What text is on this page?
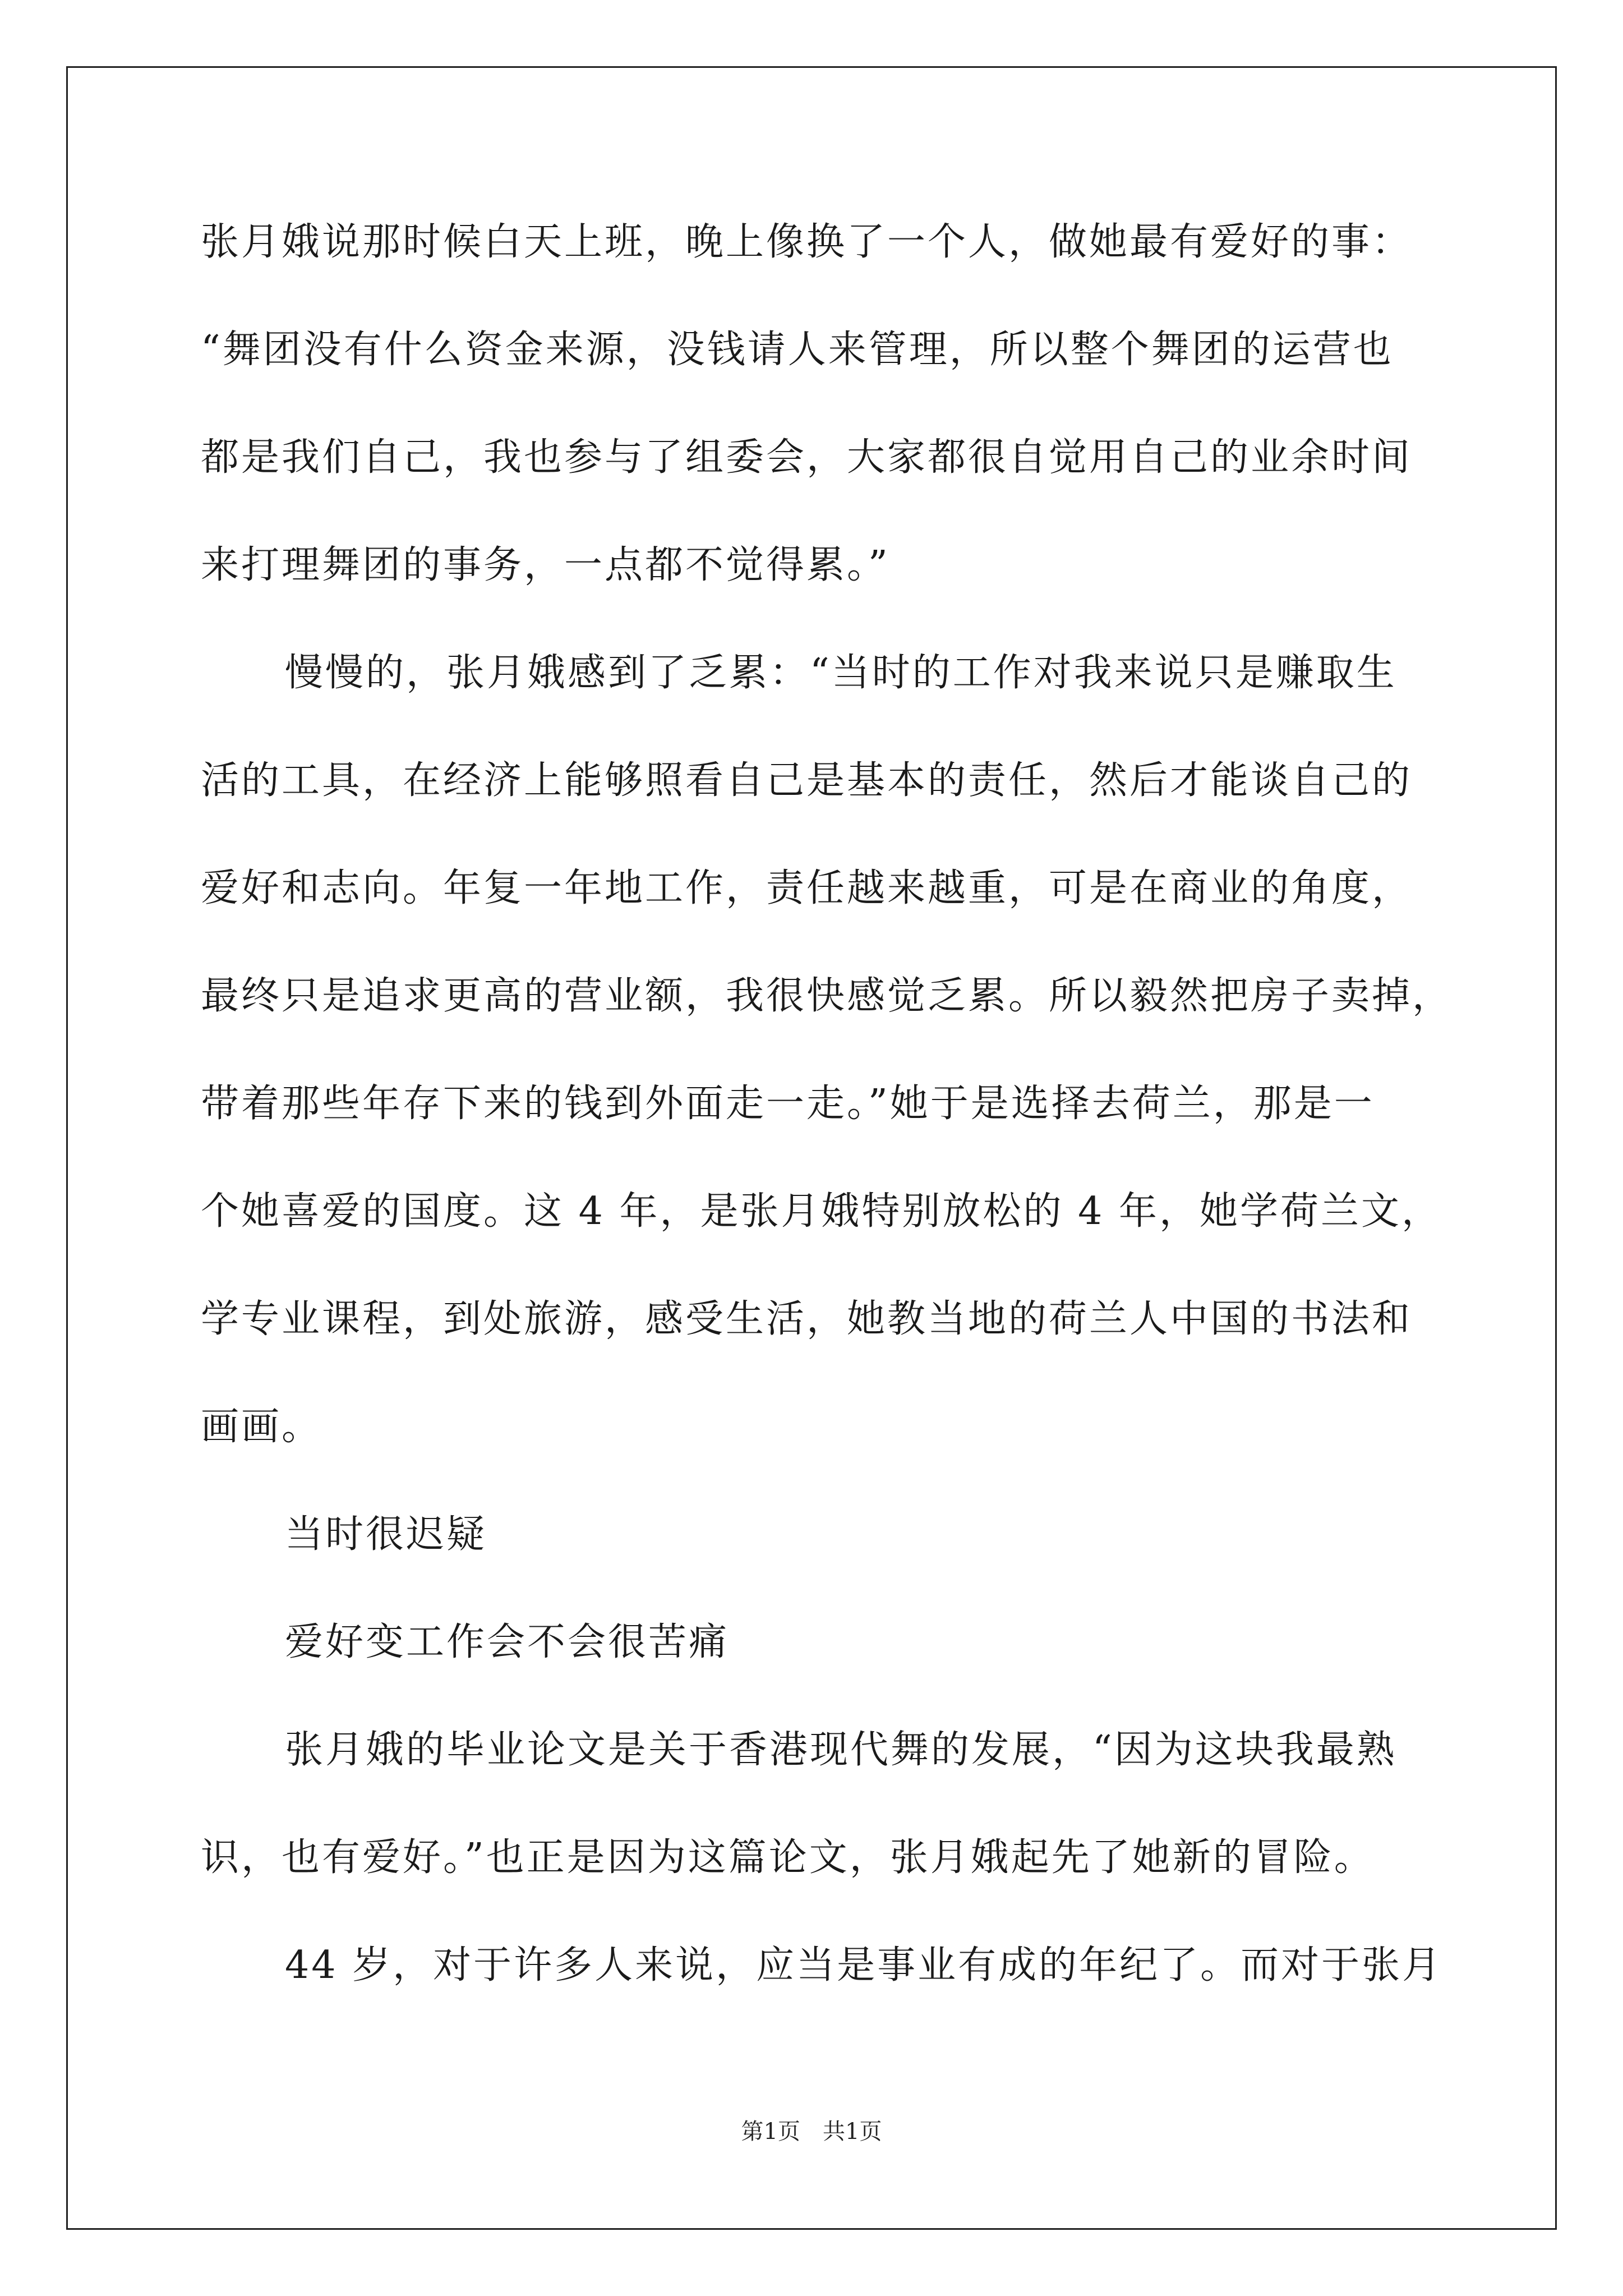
张月娥说那时候白天上班，晚上像换了一个人，做她最有爱好的事：

“舞团没有什么资金来源，没钱请人来管理，所以整个舞团的运营也

都是我们自己，我也参与了组委会，大家都很自觉用自己的业余时间

来打理舞团的事务，一点都不觉得累。”

慢慢的，张月娥感到了乏累：“当时的工作对我来说只是赚取生

活的工具，在经济上能够照看自己是基本的责任，然后才能谈自己的

爱好和志向。年复一年地工作，责任越来越重，可是在商业的角度，

最终只是追求更高的营业额，我很快感觉乏累。所以毅然把房子卖掉，

带着那些年存下来的钱到外面走一走。”她于是选择去荷兰，那是一

个她喜爱的国度。这 4 年，是张月娥特别放松的 4 年，她学荷兰文，

学专业课程，到处旅游，感受生活，她教当地的荷兰人中国的书法和

画画。

当时很迟疑

爱好变工作会不会很苦痛

张月娥的毕业论文是关于香港现代舞的发展，“因为这块我最熟

识，也有爱好。”也正是因为这篇论文，张月娥起先了她新的冒险。

44 岁，对于许多人来说，应当是事业有成的年纪了。而对于张月

第1页 共1页
